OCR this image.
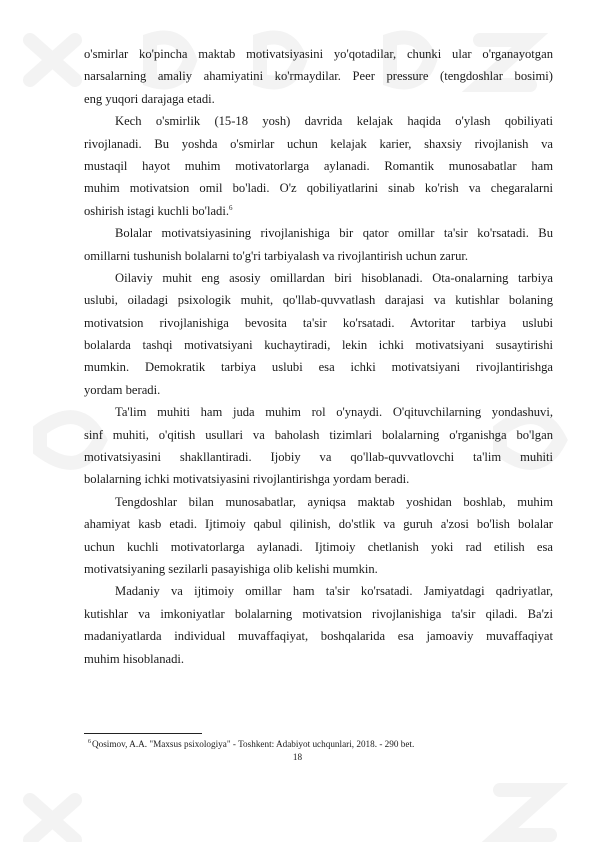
o'smirlar ko'pincha maktab motivatsiyasini yo'qotadilar, chunki ular o'rganayotgan
narsalarning amaliy ahamiyatini ko'rmaydilar. Peer pressure (tengdoshlar bosimi)
eng yuqori darajaga etadi.
Kech o'smirlik (15-18 yosh) davrida kelajak haqida o'ylash qobiliyati
rivojlanadi. Bu yoshda o'smirlar uchun kelajak karier, shaxsiy rivojlanish va
mustaqil hayot muhim motivatorlarga aylanadi. Romantik munosabatlar ham
muhim motivatsion omil bo'ladi. O'z qobiliyatlarini sinab ko'rish va chegaralarni
oshirish istagi kuchli bo'ladi.$^6$
Bolalar motivatsiyasining rivojlanishiga bir qator omillar ta'sir ko'rsatadi. Bu
omillarni tushunish bolalarni to'g'ri tarbiyalash va rivojlantirish uchun zarur.
Oilaviy muhit eng asosiy omillardan biri hisoblanadi. Ota-onalarning tarbiya
uslubi, oiladagi psixologik muhit, qo'llab-quvvatlash darajasi va kutishlar bolaning
motivatsion rivojlanishiga bevosita ta'sir ko'rsatadi. Avtoritar tarbiya uslubi
bolalarda tashqi motivatsiyani kuchaytiradi, lekin ichki motivatsiyani susaytirishi
mumkin. Demokratik tarbiya uslubi esa ichki motivatsiyani rivojlantirishga
yordam beradi.
Ta'lim muhiti ham juda muhim rol o'ynaydi. O'qituvchilarning yondashuvi,
sinf muhiti, o'qitish usullari va baholash tizimlari bolalarning o'rganishga bo'lgan
motivatsiyasini shakllantiradi. Ijobiy va qo'llab-quvvatlovchi ta'lim muhiti
bolalarning ichki motivatsiyasini rivojlantirishga yordam beradi.
Tengdoshlar bilan munosabatlar, ayniqsa maktab yoshidan boshlab, muhim
ahamiyat kasb etadi. Ijtimoiy qabul qilinish, do'stlik va guruh a'zosi bo'lish bolalar
uchun kuchli motivatorlarga aylanadi. Ijtimoiy chetlanish yoki rad etilish esa
motivatsiyaning sezilarli pasayishiga olib kelishi mumkin.
Madaniy va ijtimoiy omillar ham ta'sir ko'rsatadi. Jamiyatdagi qadriyatlar,
kutishlar va imkoniyatlar bolalarning motivatsion rivojlanishiga ta'sir qiladi. Ba'zi
madaniyatlarda individual muvaffaqiyat, boshqalarida esa jamoaviy muvaffaqiyat
muhim hisoblanadi.
$^6$Qosimov, A.A. "Maxsus psixologiya" - Toshkent: Adabiyot uchqunlari, 2018. - 290 bet.
18
